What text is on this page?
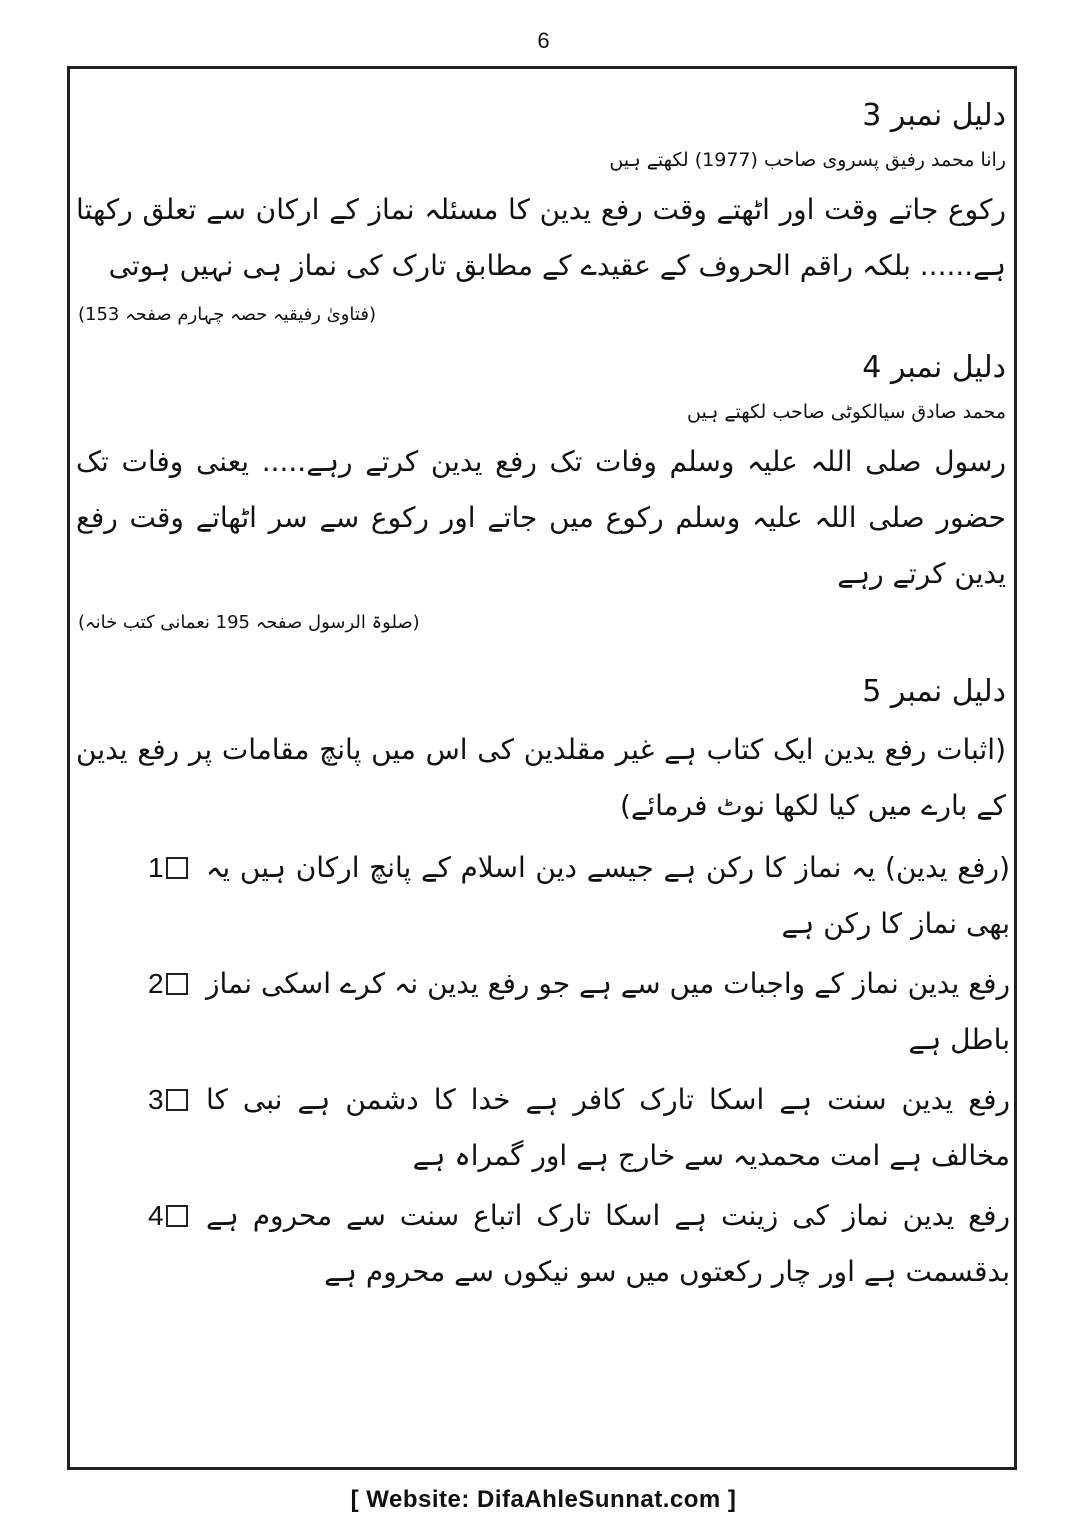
6
دلیل نمبر 3
رانا محمد رفیق پسروی صاحب (1977) لکھتے ہیں
رکوع جاتے وقت اور اٹھتے وقت رفع یدین کا مسئلہ نماز کے ارکان سے تعلق رکھتا ہے...... بلکہ راقم الحروف کے عقیدے کے مطابق تارک کی نماز ہی نہیں ہوتی
(فتاویٰ رفیقیہ حصہ چہارم صفحہ 153)
دلیل نمبر 4
محمد صادق سیالکوٹی صاحب لکھتے ہیں
رسول صلی اللہ علیہ وسلم وفات تک رفع یدین کرتے رہے..... یعنی وفات تک حضور صلی اللہ علیہ وسلم رکوع میں جاتے اور رکوع سے سر اٹھاتے وقت رفع یدین کرتے رہے
(صلوۃ الرسول صفحہ 195 نعمانی کتب خانہ)
دلیل نمبر 5
(اثبات رفع یدین ایک کتاب ہے غیر مقلدین کی اس میں پانچ مقامات پر رفع یدین کے بارے میں کیا لکھا نوٹ فرمائے)
(رفع یدین) یہ نماز کا رکن ہے جیسے دین اسلام کے پانچ ارکان ہیں یہ بھی نماز کا رکن ہے
1
رفع یدین نماز کے واجبات میں سے ہے جو رفع یدین نہ کرے اسکی نماز باطل ہے
2
رفع یدین سنت ہے اسکا تارک کافر ہے خدا کا دشمن ہے نبی کا مخالف ہے امت محمدیہ سے خارج ہے اور گمراہ ہے
3
رفع یدین نماز کی زینت ہے اسکا تارک اتباع سنت سے محروم ہے بدقسمت ہے اور چار رکعتوں میں سو نیکوں سے محروم ہے
4
[ Website: DifaAhleSunnat.com ]
